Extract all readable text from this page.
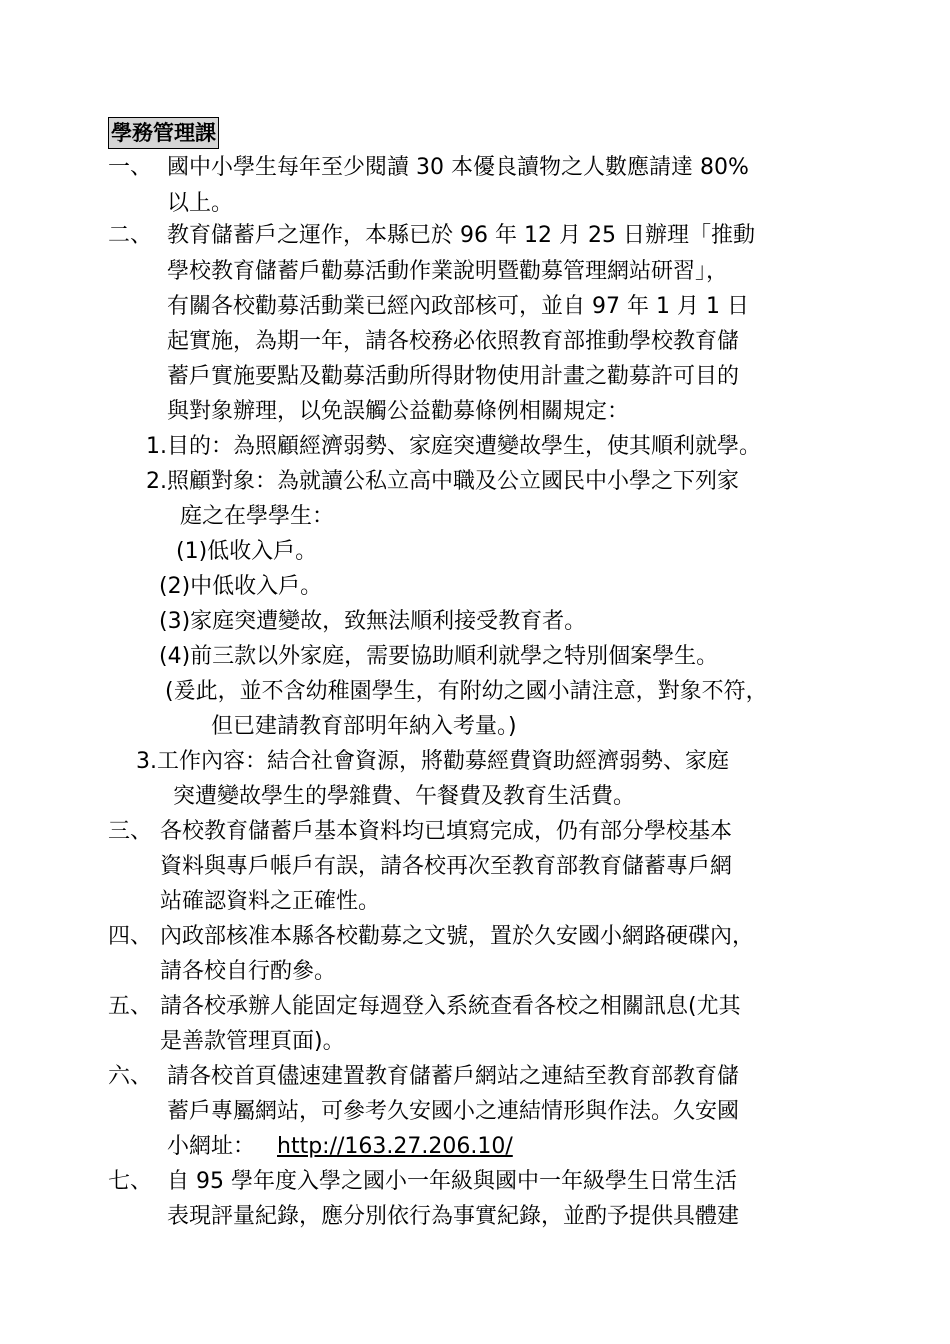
學務管理課
一、 國中小學生每年至少閱讀 30 本優良讀物之人數應請達 80%
以上。
二、 教育儲蓄戶之運作，本縣已於 96 年 12 月 25 日辦理「推動
學校教育儲蓄戶勸募活動作業說明暨勸募管理網站研習」，
有關各校勸募活動業已經內政部核可，並自 97 年 1 月 1 日
起實施，為期一年，請各校務必依照教育部推動學校教育儲
蓄戶實施要點及勸募活動所得財物使用計畫之勸募許可目的
與對象辦理，以免誤觸公益勸募條例相關規定：
1.目的：為照顧經濟弱勢、家庭突遭變故學生，使其順利就學。
2.照顧對象：為就讀公私立高中職及公立國民中小學之下列家
庭之在學學生：
(1)低收入戶。
(2)中低收入戶。
(3)家庭突遭變故，致無法順利接受教育者。
(4)前三款以外家庭，需要協助順利就學之特別個案學生。
(爰此，並不含幼稚園學生，有附幼之國小請注意，對象不符，
但已建請教育部明年納入考量。)
3.工作內容：結合社會資源，將勸募經費資助經濟弱勢、家庭
突遭變故學生的學雜費、午餐費及教育生活費。
三、 各校教育儲蓄戶基本資料均已填寫完成，仍有部分學校基本
資料與專戶帳戶有誤，請各校再次至教育部教育儲蓄專戶網
站確認資料之正確性。
四、 內政部核准本縣各校勸募之文號，置於久安國小網路硬碟內，
請各校自行酌參。
五、 請各校承辦人能固定每週登入系統查看各校之相關訊息(尤其
是善款管理頁面)。
六、 請各校首頁儘速建置教育儲蓄戶網站之連結至教育部教育儲
蓄戶專屬網站，可參考久安國小之連結情形與作法。久安國
小網址： http://163.27.206.10/
七、 自 95 學年度入學之國小一年級與國中一年級學生日常生活
表現評量紀錄，應分別依行為事實紀錄，並酌予提供具體建
